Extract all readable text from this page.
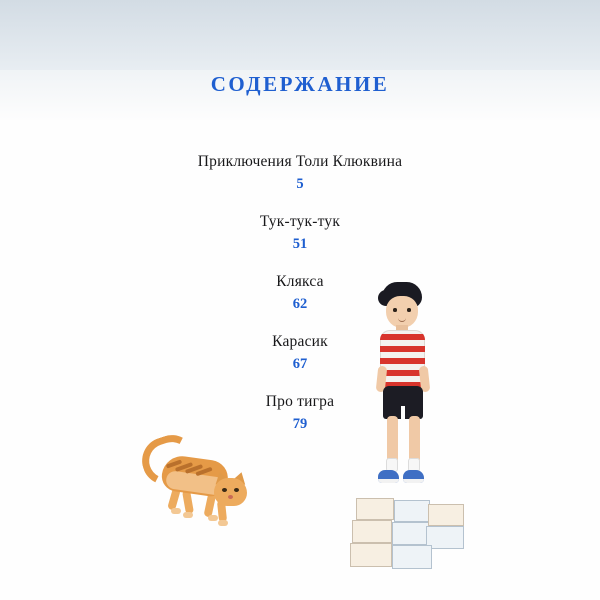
СОДЕРЖАНИЕ
Приключения Толи Клюквина
5
Тук-тук-тук
51
Клякса
62
Карасик
67
Про тигра
79
